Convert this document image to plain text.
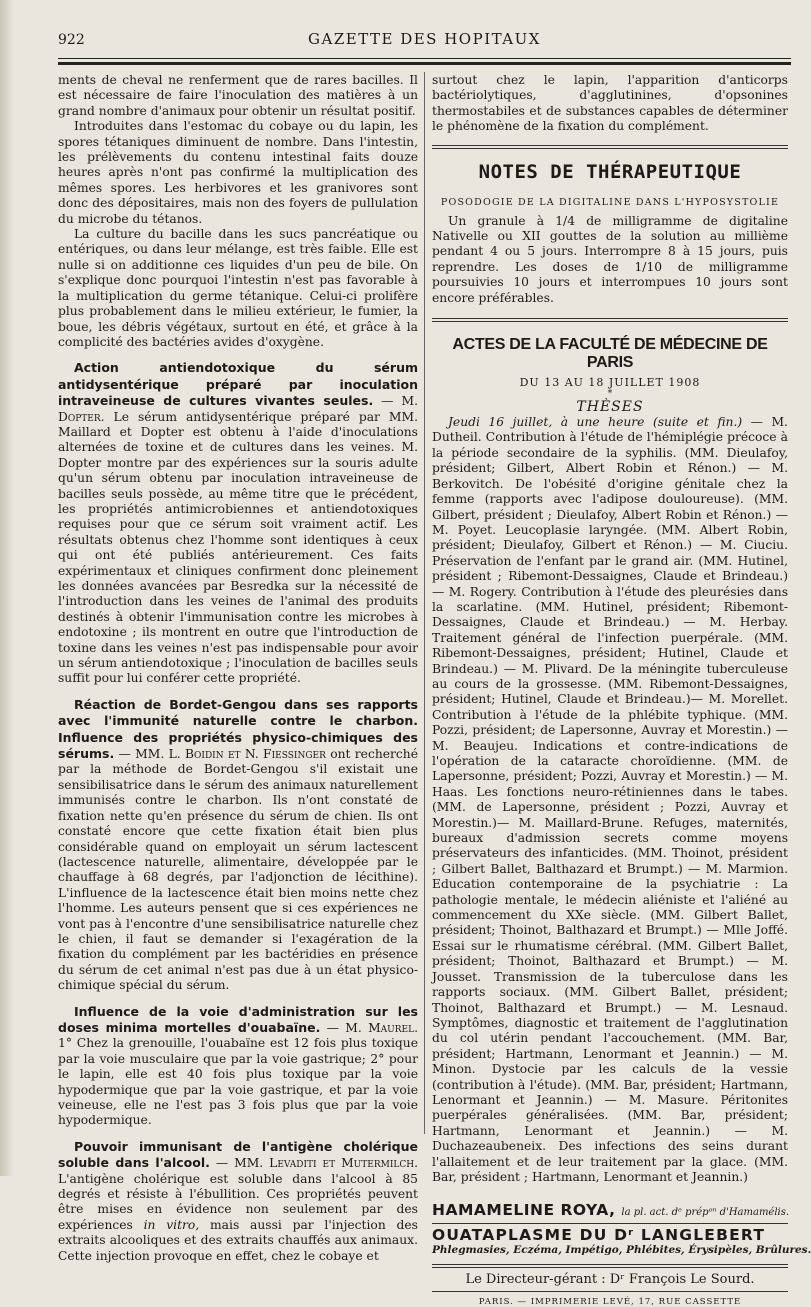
922	GAZETTE DES HOPITAUX

ments de cheval ne renferment que de rares bacilles. Il est nécessaire de faire l'inoculation des matières à un grand nombre d'animaux pour obtenir un résultat positif.

Introduites dans l'estomac du cobaye ou du lapin, les spores tétaniques diminuent de nombre. Dans l'intestin, les prélèvements du contenu intestinal faits douze heures après n'ont pas confirmé la multiplication des mêmes spores. Les herbivores et les granivores sont donc des dépositaires, mais non des foyers de pullulation du microbe du tétanos.

La culture du bacille dans les sucs pancréatique ou entériques, ou dans leur mélange, est très faible. Elle est nulle si on additionne ces liquides d'un peu de bile. On s'explique donc pourquoi l'intestin n'est pas favorable à la multiplication du germe tétanique. Celui-ci prolifère plus probablement dans le milieu extérieur, le fumier, la boue, les débris végétaux, surtout en été, et grâce à la complicité des bactéries avides d'oxygène.

Action antiendotoxique du sérum antidysentérique préparé par inoculation intraveineuse de cultures vivantes seules. — M. Dopter. Le sérum antidysentérique préparé par MM. Maillard et Dopter est obtenu à l'aide d'inoculations alternées de toxine et de cultures dans les veines. M. Dopter montre par des expériences sur la souris adulte qu'un sérum obtenu par inoculation intraveineuse de bacilles seuls possède, au même titre que le précédent, les propriétés antimicrobiennes et antiendotoxiques requises pour que ce sérum soit vraiment actif. Les résultats obtenus chez l'homme sont identiques à ceux qui ont été publiés antérieurement. Ces faits expérimentaux et cliniques confirment donc pleinement les données avancées par Besredka sur la nécessité de l'introduction dans les veines de l'animal des produits destinés à obtenir l'immunisation contre les microbes à endotoxine ; ils montrent en outre que l'introduction de toxine dans les veines n'est pas indispensable pour avoir un sérum antiendotoxique ; l'inoculation de bacilles seuls suffit pour lui conférer cette propriété.

Réaction de Bordet-Gengou dans ses rapports avec l'immunité naturelle contre le charbon. Influence des propriétés physico-chimiques des sérums. — MM. L. Boidin et N. Fiessinger ont recherché par la méthode de Bordet-Gengou s'il existait une sensibilisatrice dans le sérum des animaux naturellement immunisés contre le charbon. Ils n'ont constaté de fixation nette qu'en présence du sérum de chien. Ils ont constaté encore que cette fixation était bien plus considérable quand on employait un sérum lactescent (lactescence naturelle, alimentaire, développée par le chauffage à 68 degrés, par l'adjonction de lécithine). L'influence de la lactescence était bien moins nette chez l'homme. Les auteurs pensent que si ces expériences ne vont pas à l'encontre d'une sensibilisatrice naturelle chez le chien, il faut se demander si l'exagération de la fixation du complément par les bactéridies en présence du sérum de cet animal n'est pas due à un état physico-chimique spécial du sérum.

Influence de la voie d'administration sur les doses minima mortelles d'ouabaïne. — M. Maurel. 1° Chez la grenouille, l'ouabaïne est 12 fois plus toxique par la voie musculaire que par la voie gastrique; 2° pour le lapin, elle est 40 fois plus toxique par la voie hypodermique que par la voie gastrique, et par la voie veineuse, elle ne l'est pas 3 fois plus que par la voie hypodermique.

Pouvoir immunisant de l'antigène cholérique soluble dans l'alcool. — MM. Levaditi et Mutermilch. L'antigène cholérique est soluble dans l'alcool à 85 degrés et résiste à l'ébullition. Ces propriétés peuvent être mises en évidence non seulement par des expériences in vitro, mais aussi par l'injection des extraits alcooliques et des extraits chauffés aux animaux. Cette injection provoque en effet, chez le cobaye et

surtout chez le lapin, l'apparition d'anticorps bactériolytiques, d'agglutinines, d'opsonines thermostabiles et de substances capables de déterminer le phénomène de la fixation du complément.

NOTES DE THÉRAPEUTIQUE
POSODOGIE DE LA DIGITALINE DANS L'HYPOSYSTOLIE

Un granule à 1/4 de milligramme de digitaline Nativelle ou XII gouttes de la solution au millième pendant 4 ou 5 jours. Interrompre 8 à 15 jours, puis reprendre. Les doses de 1/10 de milligramme poursuivies 10 jours et interrompues 10 jours sont encore préférables.

ACTES DE LA FACULTÉ DE MÉDECINE DE PARIS
DU 13 AU 18 JUILLET 1908
*
THÈSES

Jeudi 16 juillet, à une heure (suite et fin.) — M. Dutheil. Contribution à l'étude de l'hémiplégie précoce à la période secondaire de la syphilis. (MM. Dieulafoy, président; Gilbert, Albert Robin et Rénon.) — M. Berkovitch. De l'obésité d'origine génitale chez la femme (rapports avec l'adipose douloureuse). (MM. Gilbert, président ; Dieulafoy, Albert Robin et Rénon.) — M. Poyet. Leucoplasie laryngée. (MM. Albert Robin, président; Dieulafoy, Gilbert et Rénon.) — M. Ciuciu. Préservation de l'enfant par le grand air. (MM. Hutinel, président ; Ribemont-Dessaignes, Claude et Brindeau.) — M. Rogery. Contribution à l'étude des pleurésies dans la scarlatine. (MM. Hutinel, président; Ribemont-Dessaignes, Claude et Brindeau.) — M. Herbay. Traitement général de l'infection puerpérale. (MM. Ribemont-Dessaignes, président; Hutinel, Claude et Brindeau.) — M. Plivard. De la méningite tuberculeuse au cours de la grossesse. (MM. Ribemont-Dessaignes, président; Hutinel, Claude et Brindeau.)— M. Morellet. Contribution à l'étude de la phlébite typhique. (MM. Pozzi, président; de Lapersonne, Auvray et Morestin.) — M. Beaujeu. Indications et contre-indications de l'opération de la cataracte choroïdienne. (MM. de Lapersonne, président; Pozzi, Auvray et Morestin.) — M. Haas. Les fonctions neuro-rétiniennes dans le tabes. (MM. de Lapersonne, président ; Pozzi, Auvray et Morestin.)— M. Maillard-Brune. Refuges, maternités, bureaux d'admission secrets comme moyens préservateurs des infanticides. (MM. Thoinot, président ; Gilbert Ballet, Balthazard et Brumpt.) — M. Marmion. Education contemporaine de la psychiatrie : La pathologie mentale, le médecin aliéniste et l'aliéné au commencement du XXe siècle. (MM. Gilbert Ballet, président; Thoinot, Balthazard et Brumpt.) — Mlle Joffé. Essai sur le rhumatisme cérébral. (MM. Gilbert Ballet, président; Thoinot, Balthazard et Brumpt.) — M. Jousset. Transmission de la tuberculose dans les rapports sociaux. (MM. Gilbert Ballet, président; Thoinot, Balthazard et Brumpt.) — M. Lesnaud. Symptômes, diagnostic et traitement de l'agglutination du col utérin pendant l'accouchement. (MM. Bar, président; Hartmann, Lenormant et Jeannin.) — M. Minon. Dystocie par les calculs de la vessie (contribution à l'étude). (MM. Bar, président; Hartmann, Lenormant et Jeannin.) — M. Masure. Péritonites puerpérales généralisées. (MM. Bar, président; Hartmann, Lenormant et Jeannin.) — M. Duchazeaubeneix. Des infections des seins durant l'allaitement et de leur traitement par la glace. (MM. Bar, président ; Hartmann, Lenormant et Jeannin.)

HAMAMELINE ROYA, la pl. act. dᵉ prépᵒⁿ d'Hamamélis.
OUATAPLASME DU Dʳ LANGLEBERT
Phlegmasies, Eczéma, Impétigo, Phlébites, Érysipèles, Brûlures.
Le Directeur-gérant : Dʳ François Le Sourd.
PARIS. — IMPRIMERIE LEVÉ, 17, RUE CASSETTE
